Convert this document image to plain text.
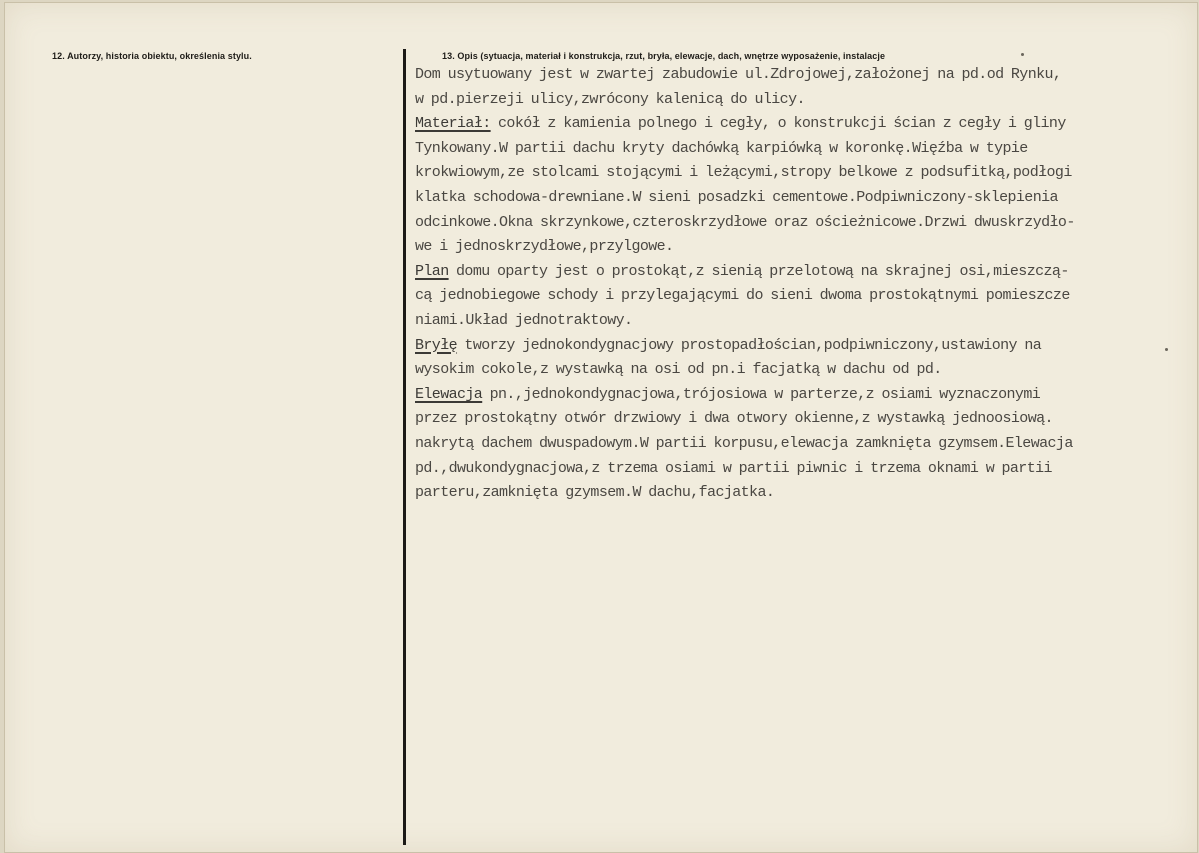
12. Autorzy, historia obiektu, określenia stylu.	13. Opis (sytuacja, materiał i konstrukcja, rzut, bryła, elewacje, dach, wnętrze wyposażenie, instalacje
Dom usytuowany jest w zwartej zabudowie ul.Zdrojowej,założonej na pd.od Rynku,
w pd.pierzeji ulicy,zwrócony kalenicą do ulicy.
Materiał: cokół z kamienia polnego i cegły, o konstrukcji ścian z cegły i gliny
Tynkowany.W partii dachu kryty dachówką karpiówką w koronkę.Więźba w typie
krokwiowym,ze stolcami stojącymi i leżącymi,stropy belkowe z podsufitką,podłogi
klatka schodowa-drewniane.W sieni posadzki cementowe.Podpiwniczony-sklepienia
odcinkowe.Okna skrzynkowe,czteroskrzydłowe oraz ościeżnicowe.Drzwi dwuskrzydło-
we i jednoskrzydłowe,przylgowe.
Plan domu oparty jest o prostokąt,z sienią przelotową na skrajnej osi,mieszczą-
cą jednobiegowe schody i przylegającymi do sieni dwoma prostokątnymi pomieszcze
niami.Układ jednotraktowy.
Bryłę tworzy jednokondygnacjowy prostopadłościan,podpiwniczony,ustawiony na
wysokim cokole,z wystawką na osi od pn.i facjatką w dachu od pd.
Elewacja pn.,jednokondygnacjowa,trójosiowa w parterze,z osiami wyznaczonymi
przez prostokątny otwór drzwiowy i dwa otwory okienne,z wystawką jednoosiową.
nakrytą dachem dwuspadowym.W partii korpusu,elewacja zamknięta gzymsem.Elewacja
pd.,dwukondygnacjowa,z trzema osiami w partii piwnic i trzema oknami w partii
parteru,zamknięta gzymsem.W dachu,facjatka.
